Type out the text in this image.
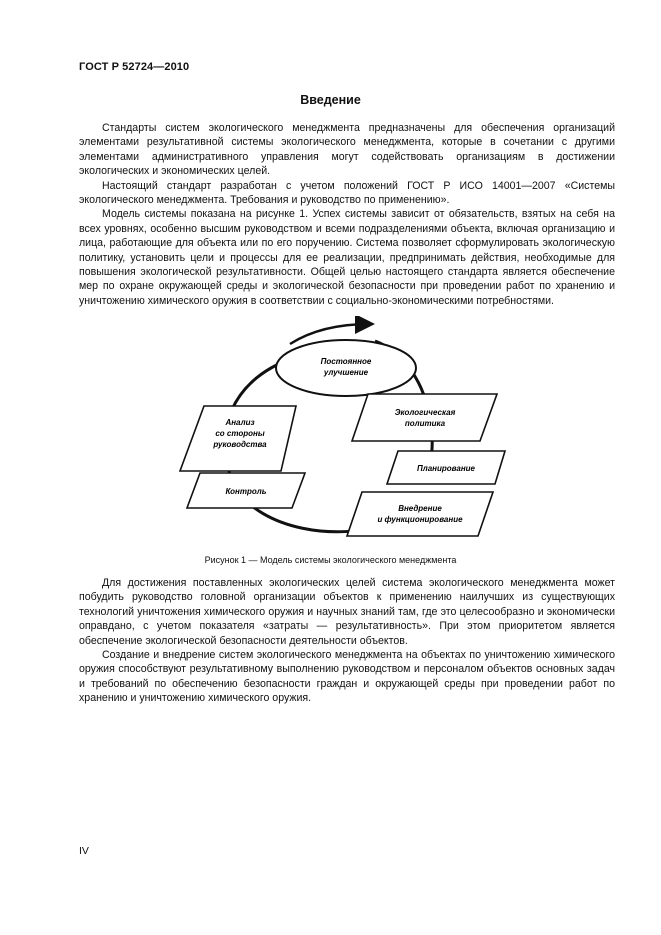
ГОСТ Р 52724—2010
Введение

Стандарты систем экологического менеджмента предназначены для обеспечения организаций элементами результативной системы экологического менеджмента, которые в сочетании с другими элементами административного управления могут содействовать организациям в достижении экологических и экономических целей.

Настоящий стандарт разработан с учетом положений ГОСТ Р ИСО 14001—2007 «Системы экологического менеджмента. Требования и руководство по применению».

Модель системы показана на рисунке 1. Успех системы зависит от обязательств, взятых на себя на всех уровнях, особенно высшим руководством и всеми подразделениями объекта, включая организацию и лица, работающие для объекта или по его поручению. Система позволяет сформулировать экологическую политику, установить цели и процессы для ее реализации, предпринимать действия, необходимые для повышения экологической результативности. Общей целью настоящего стандарта является обеспечение мер по охране окружающей среды и экологической безопасности при проведении работ по хранению и уничтожению химического оружия в соответствии с социально-экономическими потребностями.

Постоянное
улучшение
Экологическая
политика
Планирование
Внедрение
и функционирование
Анализ
со стороны
руководства
Контроль
Рисунок 1 — Модель системы экологического менеджмента

Для достижения поставленных экологических целей система экологического менеджмента может побудить руководство головной организации объектов к применению наилучших из существующих технологий уничтожения химического оружия и научных знаний там, где это целесообразно и экономически оправдано, с учетом показателя «затраты — результативность». При этом приоритетом является обеспечение экологической безопасности деятельности объектов.

Создание и внедрение систем экологического менеджмента на объектах по уничтожению химического оружия способствуют результативному выполнению руководством и персоналом объектов основных задач и требований по обеспечению безопасности граждан и окружающей среды при проведении работ по хранению и уничтожению химического оружия.

IV
